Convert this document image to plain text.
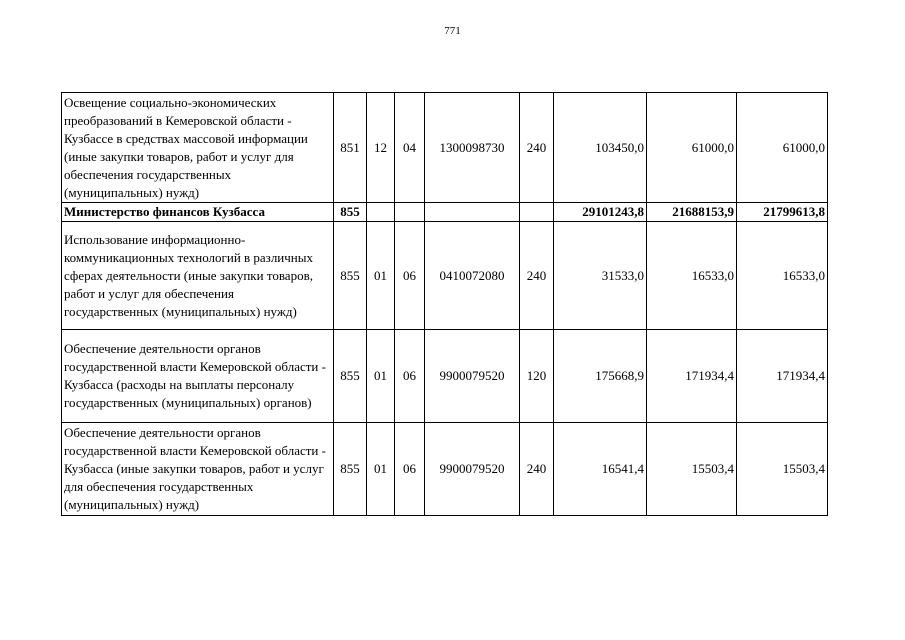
771
Освещение социально-экономических преобразований в Кемеровской области - Кузбассе в средствах массовой информации (иные закупки товаров, работ и услуг для обеспечения государственных (муниципальных) нужд)	851	12	04	1300098730	240	103450,0	61000,0	61000,0
Министерство финансов Кузбасса	855					29101243,8	21688153,9	21799613,8
Использование информационно-коммуникационных технологий в различных сферах деятельности (иные закупки товаров, работ и услуг для обеспечения государственных (муниципальных) нужд)	855	01	06	0410072080	240	31533,0	16533,0	16533,0
Обеспечение деятельности органов государственной власти Кемеровской области - Кузбасса (расходы на выплаты персоналу государственных (муниципальных) органов)	855	01	06	9900079520	120	175668,9	171934,4	171934,4
Обеспечение деятельности органов государственной власти Кемеровской области - Кузбасса (иные закупки товаров, работ и услуг для обеспечения государственных (муниципальных) нужд)	855	01	06	9900079520	240	16541,4	15503,4	15503,4
